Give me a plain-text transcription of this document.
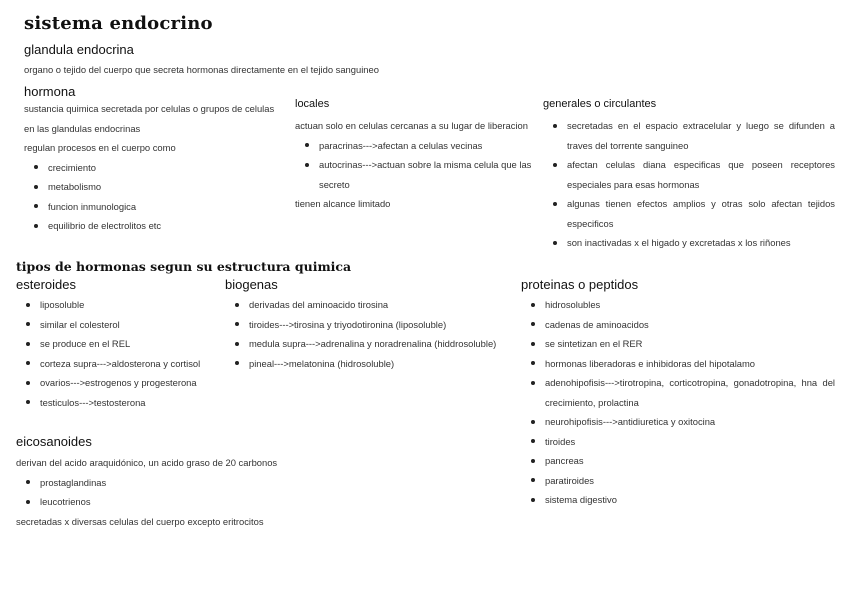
sistema endocrino
glandula endocrina
organo o tejido del cuerpo que secreta hormonas directamente en el tejido sanguineo
hormona

sustancia quimica secretada por celulas o grupos de celulas en las glandulas endocrinas

regulan procesos en el cuerpo como

crecimiento
metabolismo
funcion inmunologica
equilibrio de electrolitos etc
locales

actuan solo en celulas cercanas a su lugar de liberacion

paracrinas--->afectan a celulas vecinas
autocrinas--->actuan sobre la misma celula que las secreto

tienen alcance limitado

generales o circulantes
secretadas en el espacio extracelular y luego se difunden a traves del torrente sanguineo
afectan celulas diana especificas que poseen receptores especiales para esas hormonas
algunas tienen efectos amplios y otras solo afectan tejidos especificos
son inactivadas x el higado y excretadas x los riñones
tipos de hormonas segun su estructura quimica
esteroides
liposoluble
similar el colesterol
se produce en el REL
corteza supra--->aldosterona y cortisol
ovarios--->estrogenos y progesterona
testiculos--->testosterona
biogenas
derivadas del aminoacido tirosina
tiroides--->tirosina y triyodotironina (liposoluble)
medula supra--->adrenalina y noradrenalina (hiddrosoluble)
pineal--->melatonina (hidrosoluble)
proteinas o peptidos
hidrosolubles
cadenas de aminoacidos
se sintetizan en el RER
hormonas liberadoras e inhibidoras del hipotalamo
adenohipofisis--->tirotropina, corticotropina, gonadotropina, hna del crecimiento, prolactina
neurohipofisis--->antidiuretica y oxitocina
tiroides
pancreas
paratiroides
sistema digestivo
eicosanoides

derivan del acido araquidónico, un acido graso de 20 carbonos

prostaglandinas
leucotrienos

secretadas x diversas celulas del cuerpo excepto eritrocitos
